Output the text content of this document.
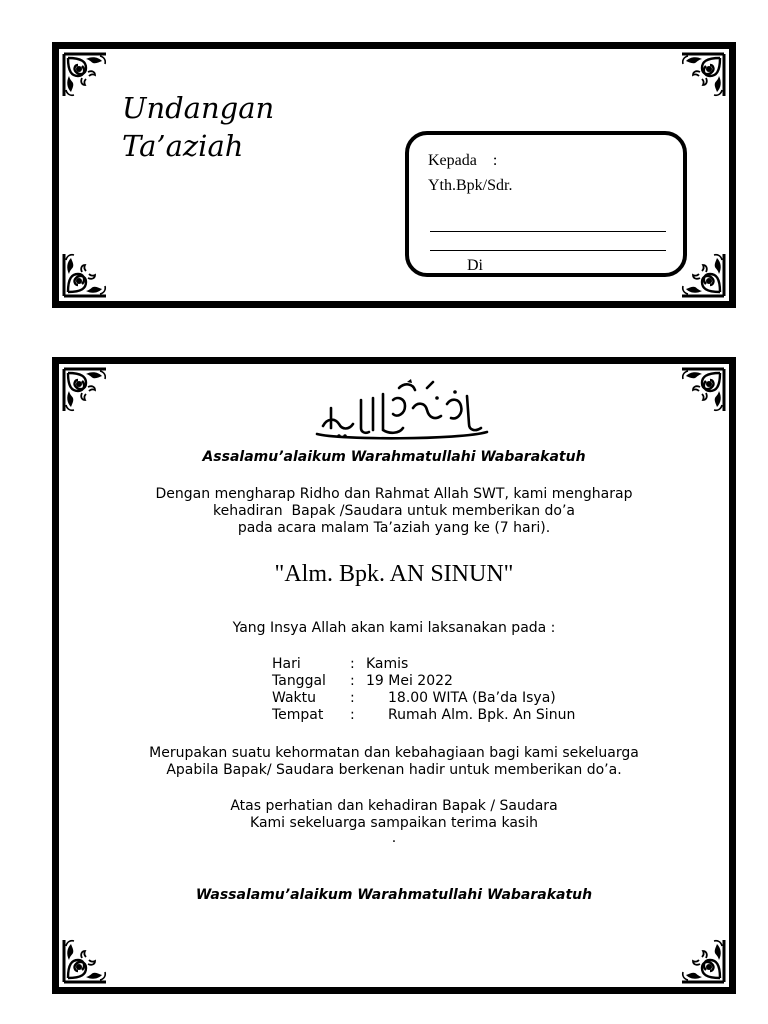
Undangan
Ta’aziah	Kepada    :
Yth.Bpk/Sdr.
Di
Assalamu’alaikum Warahmatullahi Wabarakatuh
Dengan mengharap Ridho dan Rahmat Allah SWT, kami mengharap
kehadiran  Bapak /Saudara untuk memberikan do’a
pada acara malam Ta’aziah yang ke (7 hari).
"Alm. Bpk. AN SINUN"
Yang Insya Allah akan kami laksanakan pada :
Hari	: Kamis
Tanggal	: 19 Mei 2022
Waktu	:	18.00 WITA (Ba’da Isya)
Tempat	:	Rumah Alm. Bpk. An Sinun
Merupakan suatu kehormatan dan kebahagiaan bagi kami sekeluarga
Apabila Bapak/ Saudara berkenan hadir untuk memberikan do’a.
Atas perhatian dan kehadiran Bapak / Saudara
Kami sekeluarga sampaikan terima kasih
.
Wassalamu’alaikum Warahmatullahi Wabarakatuh
